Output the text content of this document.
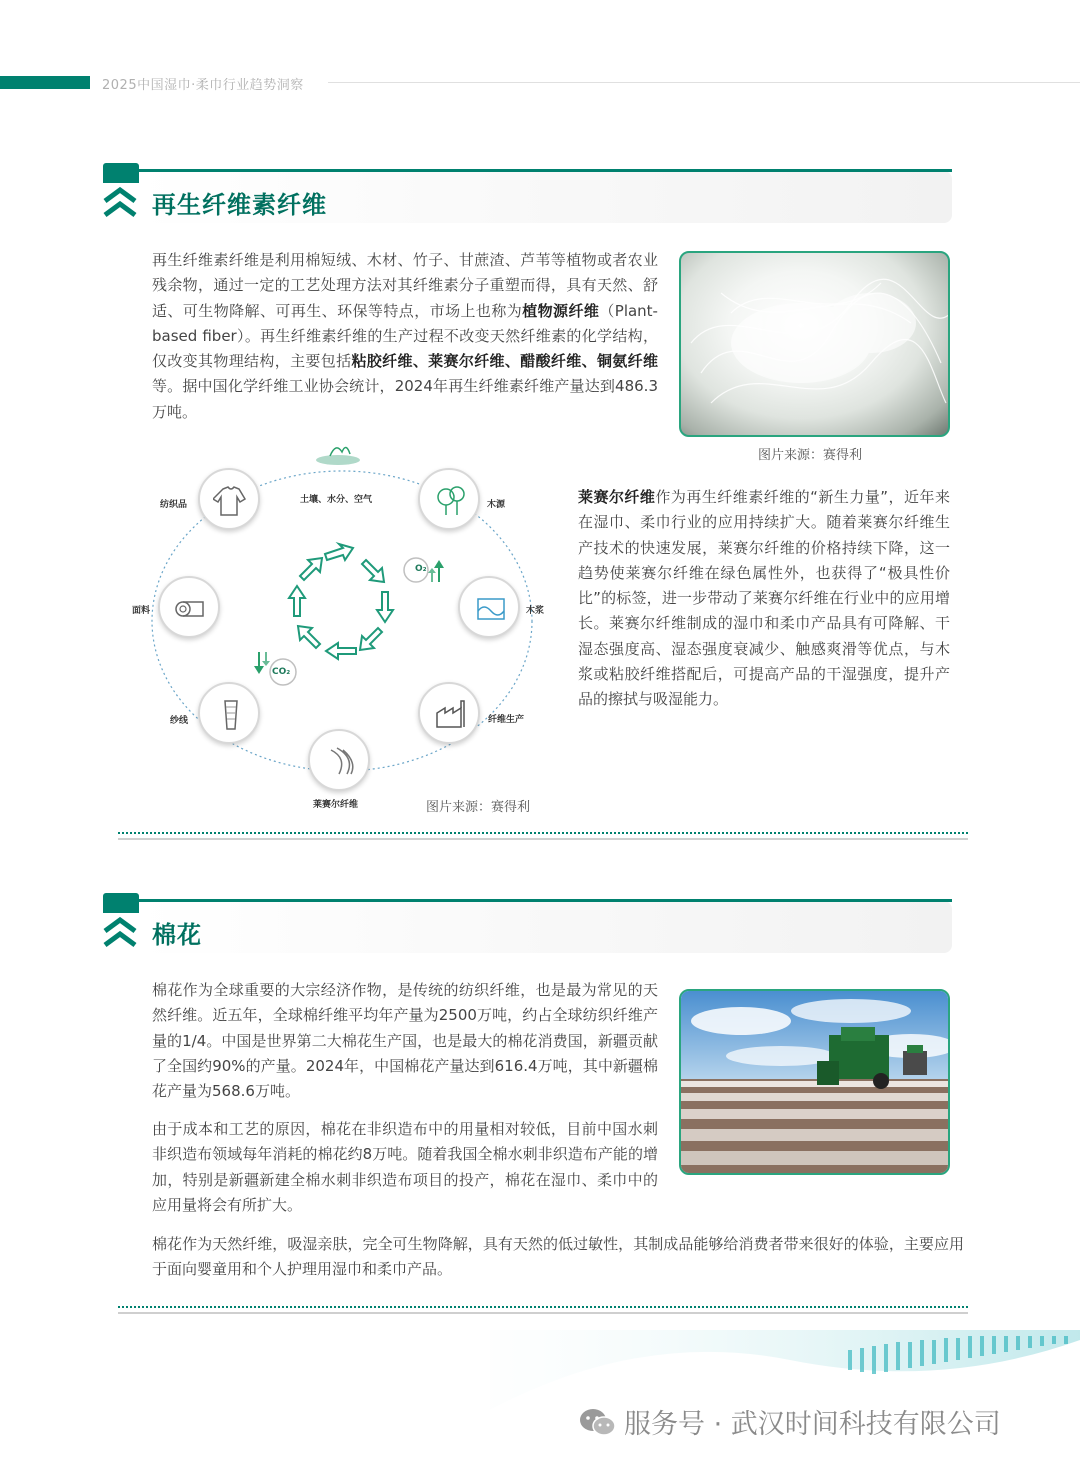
2025中国湿巾·柔巾行业趋势洞察
再生纤维素纤维
再生纤维素纤维是利用棉短绒、木材、竹子、甘蔗渣、芦苇等植物或者农业残余物，通过一定的工艺处理方法对其纤维素分子重塑而得，具有天然、舒适、可生物降解、可再生、环保等特点，市场上也称为植物源纤维（Plant-based fiber）。再生纤维素纤维的生产过程不改变天然纤维素的化学结构，仅改变其物理结构，主要包括粘胶纤维、莱赛尔纤维、醋酸纤维、铜氨纤维等。据中国化学纤维工业协会统计，2024年再生纤维素纤维产量达到486.3万吨。
图片来源：赛得利
O₂
CO₂
纺织品	土壤、水分、空气	木源
木浆
纤维生产
莱赛尔纤维
纱线
面料
图片来源：赛得利
莱赛尔纤维作为再生纤维素纤维的“新生力量”，近年来在湿巾、柔巾行业的应用持续扩大。随着莱赛尔纤维生产技术的快速发展，莱赛尔纤维的价格持续下降，这一趋势使莱赛尔纤维在绿色属性外，也获得了“极具性价比”的标签，进一步带动了莱赛尔纤维在行业中的应用增长。莱赛尔纤维制成的湿巾和柔巾产品具有可降解、干湿态强度高、湿态强度衰减少、触感爽滑等优点，与木浆或粘胶纤维搭配后，可提高产品的干湿强度，提升产品的擦拭与吸湿能力。
棉花
棉花作为全球重要的大宗经济作物，是传统的纺织纤维，也是最为常见的天然纤维。近五年，全球棉纤维平均年产量为2500万吨，约占全球纺织纤维产量的1/4。中国是世界第二大棉花生产国，也是最大的棉花消费国，新疆贡献了全国约90%的产量。2024年，中国棉花产量达到616.4万吨，其中新疆棉花产量为568.6万吨。
由于成本和工艺的原因，棉花在非织造布中的用量相对较低，目前中国水刺非织造布领域每年消耗的棉花约8万吨。随着我国全棉水刺非织造布产能的增加，特别是新疆新建全棉水刺非织造布项目的投产，棉花在湿巾、柔巾中的应用量将会有所扩大。
棉花作为天然纤维，吸湿亲肤，完全可生物降解，具有天然的低过敏性，其制成品能够给消费者带来很好的体验，主要应用于面向婴童用和个人护理用湿巾和柔巾产品。
服务号 · 武汉时间科技有限公司
